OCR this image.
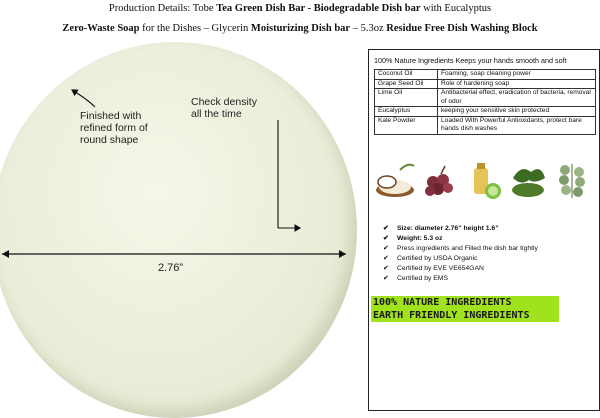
Production Details: Tobe Tea Green Dish Bar - Biodegradable Dish bar with Eucalyptus
Zero-Waste Soap for the Dishes – Glycerin Moisturizing Dish bar – 5.3oz Residue Free Dish Washing Block
Finished with
refined form of
round shape
Check density
all the time
2.76”
100% Nature Ingredients Keeps your hands smooth and soft
Coconut Oil	Foaming, soap cleaning power
Grape Seed Oil	Role of hardening soap
Lime Oil	Antibacterial effect, eradication of bacteria, removal of odor
Eucalyptus	keeping your sensitive skin protected
Kale Powder	Loaded With Powerful Antioxidants, protect bare hands dish washes
✔ Size: diameter 2.76” height 1.6”
✔ Weight: 5.3 oz
✔ Press ingredients and Filled the dish bar tightly
✔ Certified by USDA Organic
✔ Certified by EVE VE654GAN
✔ Certified by EMS
100% NATURE INGREDIENTS
EARTH FRIENDLY INGREDIENTS
